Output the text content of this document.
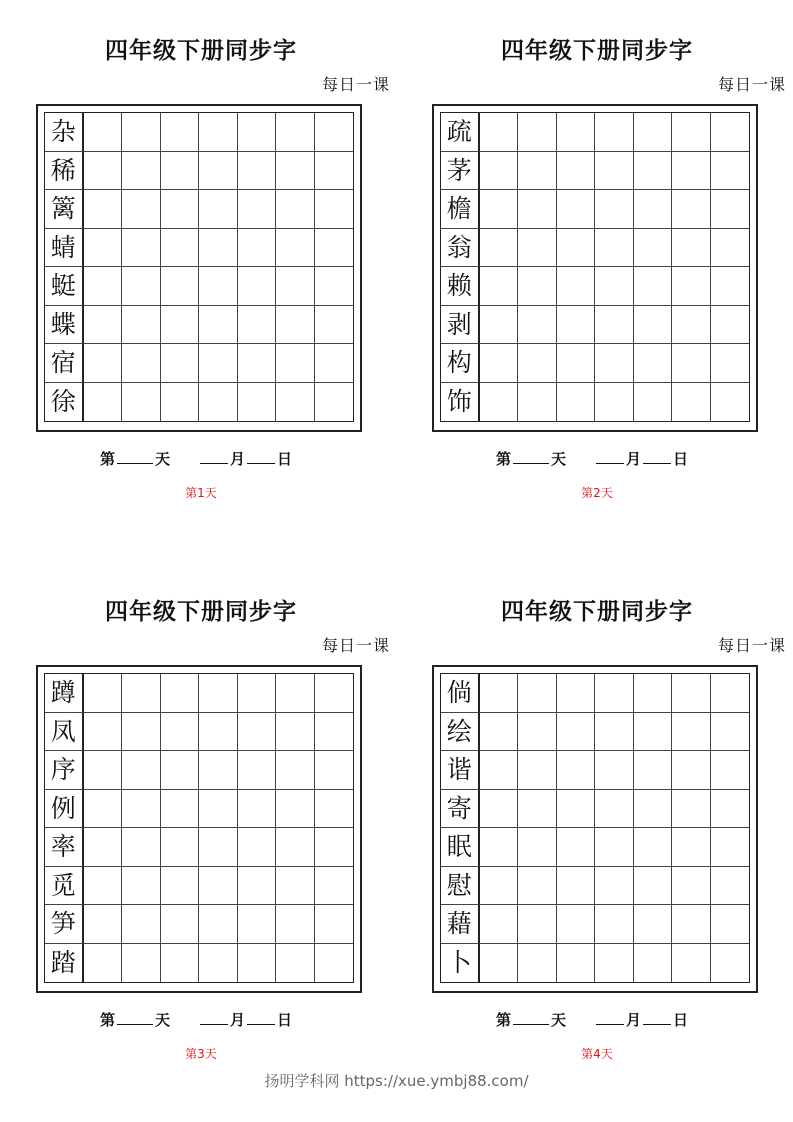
四年级下册同步字
每日一课
杂
稀
篱
蜻
蜓
蝶
宿
徐
第	天	月 日
第1天
四年级下册同步字
每日一课
疏
茅
檐
翁
赖
剥
构
饰
第	天	月 日
第2天
四年级下册同步字
每日一课
蹲
凤
序
例
率
觅
笋
踏
第	天	月 日
第3天
四年级下册同步字
每日一课
倘
绘
谐
寄
眠
慰
藉
卜
第	天	月 日
第4天
扬明学科网 https://xue.ymbj88.com/
